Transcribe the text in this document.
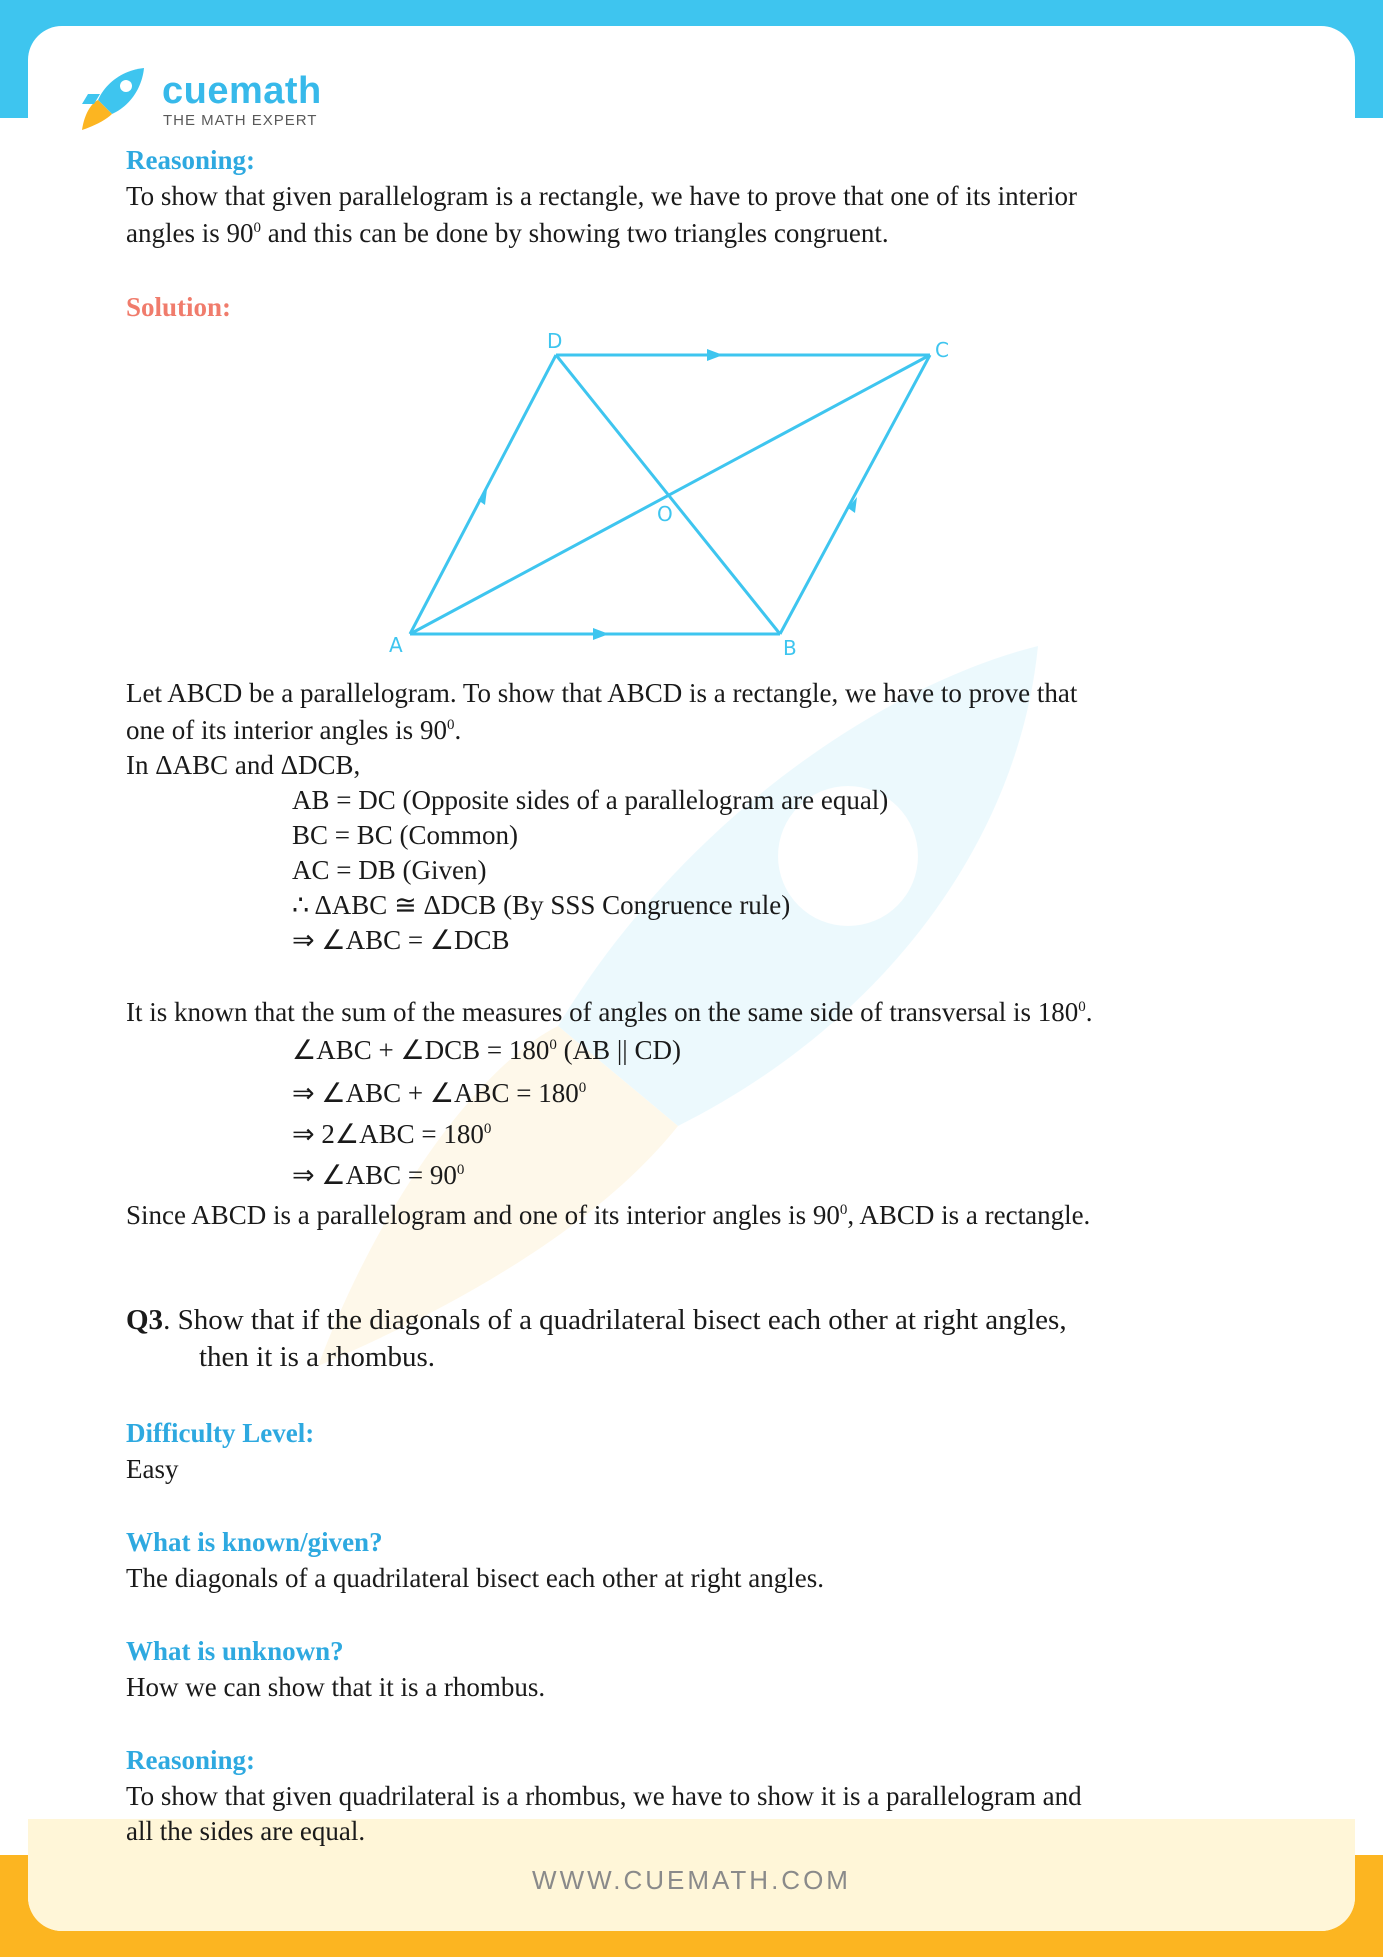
WWW.CUEMATH.COM
cuemath
THE MATH EXPERT
Reasoning:
To show that given parallelogram is a rectangle, we have to prove that one of its interior
angles is $90^0$ and this can be done by showing two triangles congruent.
Solution:
A	B
C
D
O
Let ABCD be a parallelogram. To show that ABCD is a rectangle, we have to prove that
one of its interior angles is $90^0$.
In ΔABC and ΔDCB,
AB = DC (Opposite sides of a parallelogram are equal)
BC = BC (Common)
AC = DB (Given)
∴ ΔABC ≅ ΔDCB (By SSS Congruence rule)
⇒ ∠ABC = ∠DCB
It is known that the sum of the measures of angles on the same side of transversal is $180^0$.
∠ABC + ∠DCB = $180^0$ (AB || CD)
⇒ ∠ABC + ∠ABC = $180^0$
⇒ 2∠ABC = $180^0$
⇒ ∠ABC = $90^0$
Since ABCD is a parallelogram and one of its interior angles is $90^0$, ABCD is a rectangle.
Q3. Show that if the diagonals of a quadrilateral bisect each other at right angles,
then it is a rhombus.
Difficulty Level:
Easy
What is known/given?
The diagonals of a quadrilateral bisect each other at right angles.
What is unknown?
How we can show that it is a rhombus.
Reasoning:
To show that given quadrilateral is a rhombus, we have to show it is a parallelogram and
all the sides are equal.
